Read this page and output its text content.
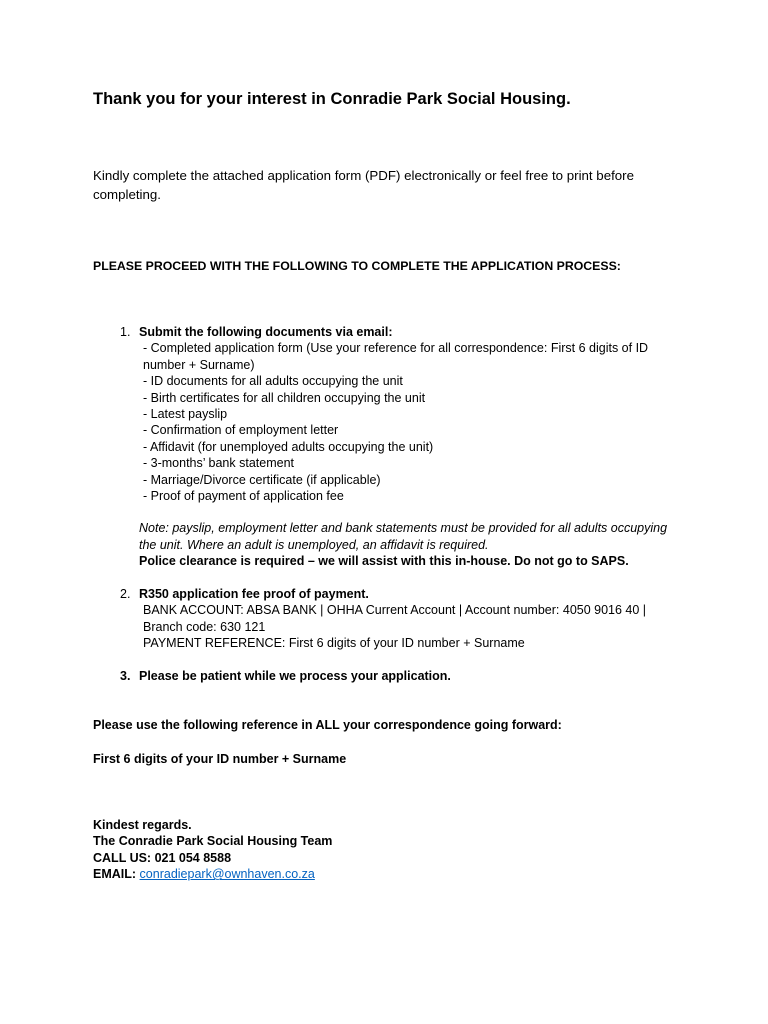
Thank you for your interest in Conradie Park Social Housing.
Kindly complete the attached application form (PDF) electronically or feel free to print before completing.
PLEASE PROCEED WITH THE FOLLOWING TO COMPLETE THE APPLICATION PROCESS:
1. Submit the following documents via email:
- Completed application form (Use your reference for all correspondence: First 6 digits of ID number + Surname)
- ID documents for all adults occupying the unit
- Birth certificates for all children occupying the unit
- Latest payslip
- Confirmation of employment letter
- Affidavit (for unemployed adults occupying the unit)
- 3-months’ bank statement
- Marriage/Divorce certificate (if applicable)
- Proof of payment of application fee
Note: payslip, employment letter and bank statements must be provided for all adults occupying the unit. Where an adult is unemployed, an affidavit is required.
Police clearance is required – we will assist with this in-house. Do not go to SAPS.
2. R350 application fee proof of payment.
BANK ACCOUNT: ABSA BANK | OHHA Current Account | Account number: 4050 9016 40 | Branch code: 630 121
PAYMENT REFERENCE: First 6 digits of your ID number + Surname
3. Please be patient while we process your application.
Please use the following reference in ALL your correspondence going forward:
First 6 digits of your ID number + Surname
Kindest regards.
The Conradie Park Social Housing Team
CALL US: 021 054 8588
EMAIL: conradiepark@ownhaven.co.za
